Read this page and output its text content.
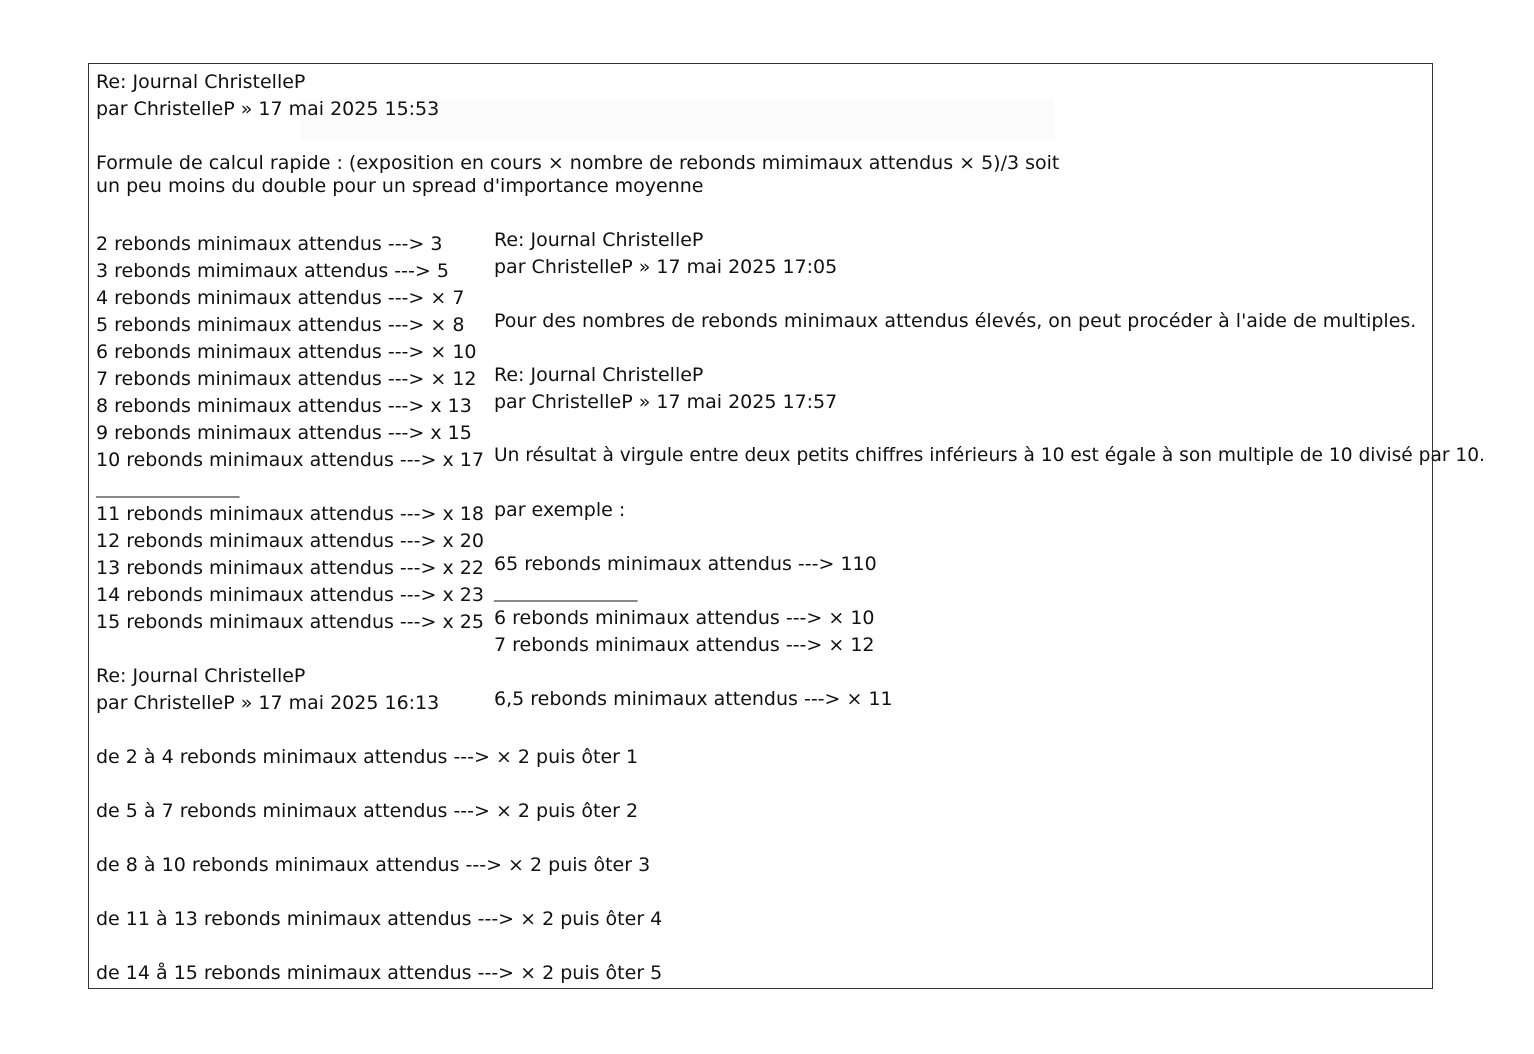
Re: Journal ChristelleP
par ChristelleP » 17 mai 2025 15:53
Formule de calcul rapide : (exposition en cours × nombre de rebonds mimimaux attendus × 5)/3 soit
un peu moins du double pour un spread d'importance moyenne
2 rebonds minimaux attendus ---> 3
3 rebonds mimimaux attendus ---> 5
4 rebonds minimaux attendus ---> × 7
5 rebonds minimaux attendus ---> × 8
6 rebonds minimaux attendus ---> × 10
7 rebonds minimaux attendus ---> × 12
8 rebonds minimaux attendus ---> x 13
9 rebonds minimaux attendus ---> x 15
10 rebonds minimaux attendus ---> x 17
______________________
11 rebonds minimaux attendus ---> x 18
12 rebonds minimaux attendus ---> x 20
13 rebonds minimaux attendus ---> x 22
14 rebonds minimaux attendus ---> x 23
15 rebonds minimaux attendus ---> x 25
Re: Journal ChristelleP
par ChristelleP » 17 mai 2025 16:13
de 2 à 4 rebonds minimaux attendus ---> × 2 puis ôter 1
de 5 à 7 rebonds minimaux attendus ---> × 2 puis ôter 2
de 8 à 10 rebonds minimaux attendus ---> × 2 puis ôter 3
de 11 à 13 rebonds minimaux attendus ---> × 2 puis ôter 4
de 14 å 15 rebonds minimaux attendus ---> × 2 puis ôter 5
Re: Journal ChristelleP
par ChristelleP » 17 mai 2025 17:05
Pour des nombres de rebonds minimaux attendus élevés, on peut procéder à l'aide de multiples.
Re: Journal ChristelleP
par ChristelleP » 17 mai 2025 17:57
Un résultat à virgule entre deux petits chiffres inférieurs à 10 est égale à son multiple de 10 divisé par 10.
par exemple :
65 rebonds minimaux attendus ---> 110
______________________
6 rebonds minimaux attendus ---> × 10
7 rebonds minimaux attendus ---> × 12
6,5 rebonds minimaux attendus ---> × 11
